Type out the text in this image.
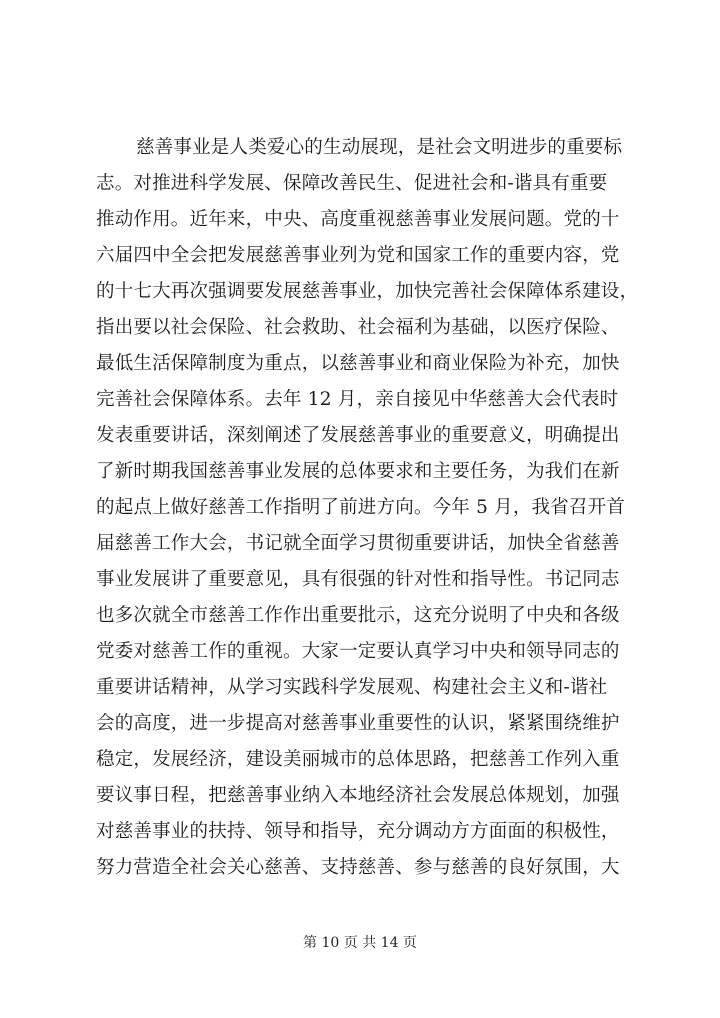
慈善事业是人类爱心的生动展现，是社会文明进步的重要标
志。对推进科学发展、保障改善民生、促进社会和-谐具有重要
推动作用。近年来，中央、高度重视慈善事业发展问题。党的十
六届四中全会把发展慈善事业列为党和国家工作的重要内容，党
的十七大再次强调要发展慈善事业，加快完善社会保障体系建设，
指出要以社会保险、社会救助、社会福利为基础，以医疗保险、
最低生活保障制度为重点，以慈善事业和商业保险为补充，加快
完善社会保障体系。去年 12 月，亲自接见中华慈善大会代表时
发表重要讲话，深刻阐述了发展慈善事业的重要意义，明确提出
了新时期我国慈善事业发展的总体要求和主要任务，为我们在新
的起点上做好慈善工作指明了前进方向。今年 5 月，我省召开首
届慈善工作大会，书记就全面学习贯彻重要讲话，加快全省慈善
事业发展讲了重要意见，具有很强的针对性和指导性。书记同志
也多次就全市慈善工作作出重要批示，这充分说明了中央和各级
党委对慈善工作的重视。大家一定要认真学习中央和领导同志的
重要讲话精神，从学习实践科学发展观、构建社会主义和-谐社
会的高度，进一步提高对慈善事业重要性的认识，紧紧围绕维护
稳定，发展经济，建设美丽城市的总体思路，把慈善工作列入重
要议事日程，把慈善事业纳入本地经济社会发展总体规划，加强
对慈善事业的扶持、领导和指导，充分调动方方面面的积极性，
努力营造全社会关心慈善、支持慈善、参与慈善的良好氛围，大
第 10 页 共 14 页
